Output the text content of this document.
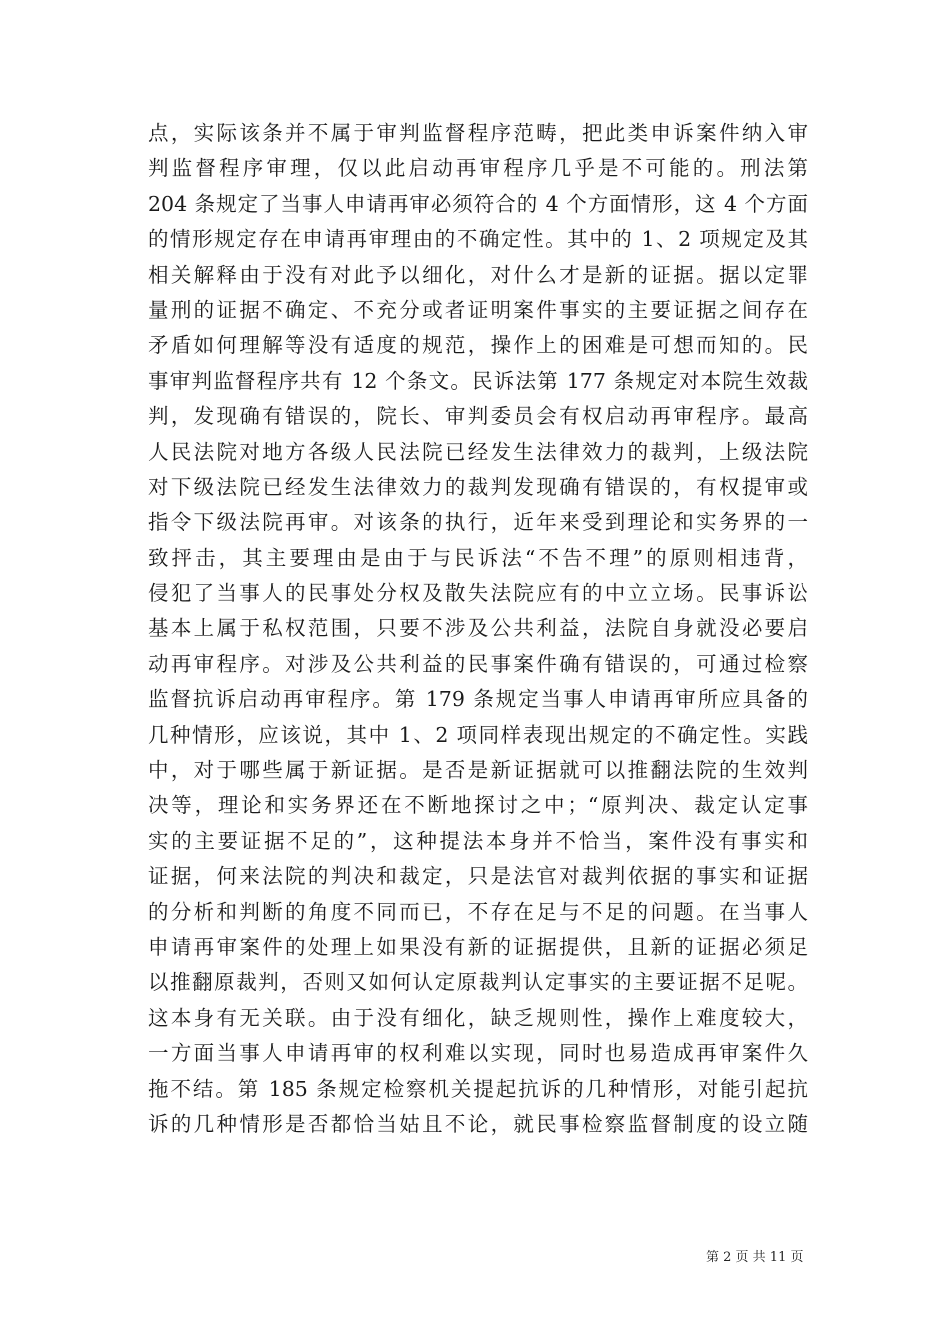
点，实际该条并不属于审判监督程序范畴，把此类申诉案件纳入审
判监督程序审理，仅以此启动再审程序几乎是不可能的。刑法第
204 条规定了当事人申请再审必须符合的 4 个方面情形，这 4 个方面
的情形规定存在申请再审理由的不确定性。其中的 1、2 项规定及其
相关解释由于没有对此予以细化，对什么才是新的证据。据以定罪
量刑的证据不确定、不充分或者证明案件事实的主要证据之间存在
矛盾如何理解等没有适度的规范，操作上的困难是可想而知的。民
事审判监督程序共有 12 个条文。民诉法第 177 条规定对本院生效裁
判，发现确有错误的，院长、审判委员会有权启动再审程序。最高
人民法院对地方各级人民法院已经发生法律效力的裁判，上级法院
对下级法院已经发生法律效力的裁判发现确有错误的，有权提审或
指令下级法院再审。对该条的执行，近年来受到理论和实务界的一
致抨击，其主要理由是由于与民诉法“不告不理”的原则相违背，
侵犯了当事人的民事处分权及散失法院应有的中立立场。民事诉讼
基本上属于私权范围，只要不涉及公共利益，法院自身就没必要启
动再审程序。对涉及公共利益的民事案件确有错误的，可通过检察
监督抗诉启动再审程序。第 179 条规定当事人申请再审所应具备的
几种情形，应该说，其中 1、2 项同样表现出规定的不确定性。实践
中，对于哪些属于新证据。是否是新证据就可以推翻法院的生效判
决等，理论和实务界还在不断地探讨之中；“原判决、裁定认定事
实的主要证据不足的”，这种提法本身并不恰当，案件没有事实和
证据，何来法院的判决和裁定，只是法官对裁判依据的事实和证据
的分析和判断的角度不同而已，不存在足与不足的问题。在当事人
申请再审案件的处理上如果没有新的证据提供，且新的证据必须足
以推翻原裁判，否则又如何认定原裁判认定事实的主要证据不足呢。
这本身有无关联。由于没有细化，缺乏规则性，操作上难度较大，
一方面当事人申请再审的权利难以实现，同时也易造成再审案件久
拖不结。第 185 条规定检察机关提起抗诉的几种情形，对能引起抗
诉的几种情形是否都恰当姑且不论，就民事检察监督制度的设立随
第 2 页 共 11 页
